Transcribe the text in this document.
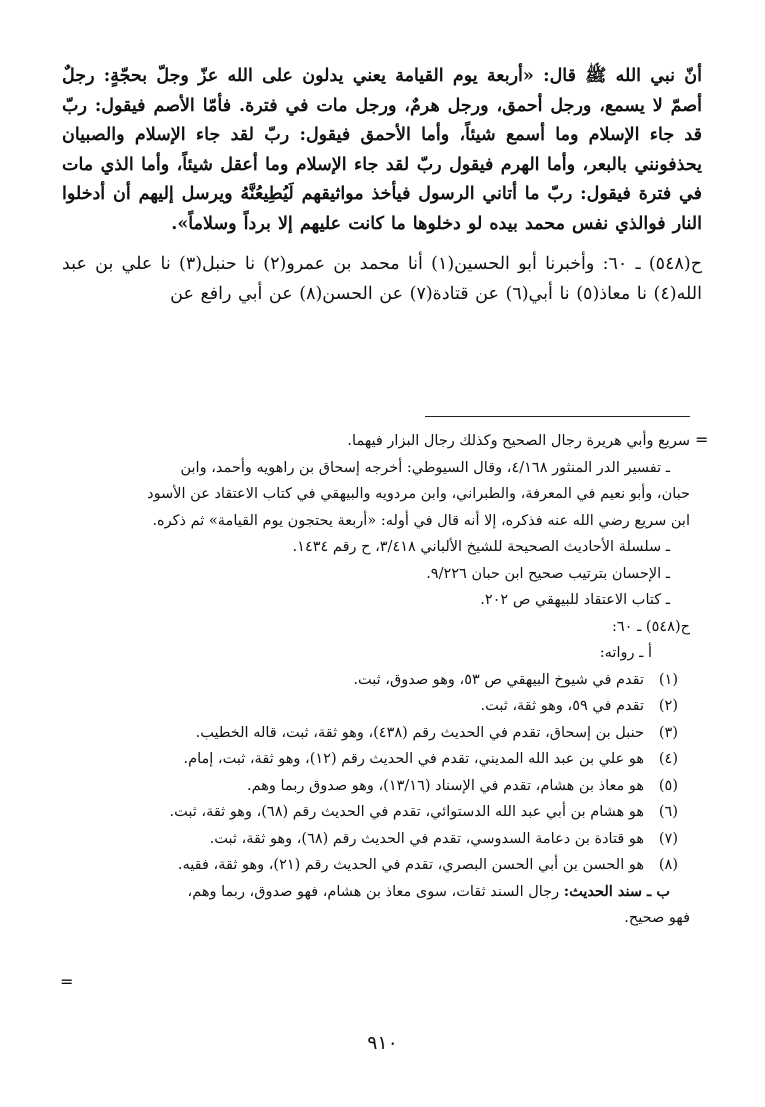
أنّ نبي الله ﷺ قال: «أربعة يوم القيامة يعني يدلون على الله عزّ وجلّ بحجّةٍ: رجلٌ أصمّ لا يسمع، ورجل أحمق، ورجل هرمٌ، ورجل مات في فترة. فأمّا الأصم فيقول: ربّ قد جاء الإسلام وما أسمع شيئاً، وأما الأحمق فيقول: ربّ لقد جاء الإسلام والصبيان يحذفونني بالبعر، وأما الهرم فيقول ربّ لقد جاء الإسلام وما أعقل شيئاً، وأما الذي مات في فترة فيقول: ربّ ما أتاني الرسول فيأخذ مواثيقهم لَيُطِيعُنَّهُ ويرسل إليهم أن أدخلوا النار فوالذي نفس محمد بيده لو دخلوها ما كانت عليهم إلا برداً وسلاماً».

ح(٥٤٨) ـ ٦٠: وأخبرنا أبو الحسين(١) أنا محمد بن عمرو(٢) نا حنبل(٣) نا علي بن عبد الله(٤) نا معاذ(٥) نا أبي(٦) عن قتادة(٧) عن الحسن(٨) عن أبي رافع عن

=
سريع وأبي هريرة رجال الصحيح وكذلك رجال البزار فيهما.
ـ تفسير الدر المنثور ٤/١٦٨، وقال السيوطي: أخرجه إسحاق بن راهويه وأحمد، وابن
حبان، وأبو نعيم في المعرفة، والطبراني، وابن مردويه والبيهقي في كتاب الاعتقاد عن الأسود
ابن سريع رضي الله عنه فذكره، إلا أنه قال في أوله: «أربعة يحتجون يوم القيامة» ثم ذكره.
ـ سلسلة الأحاديث الصحيحة للشيخ الألباني ٣/٤١٨، ح رقم ١٤٣٤.
ـ الإحسان بترتيب صحيح ابن حبان ٩/٢٢٦.
ـ كتاب الاعتقاد للبيهقي ص ٢٠٢.
ح(٥٤٨) ـ ٦٠:
أ ـ رواته:
(١)تقدم في شيوخ البيهقي ص ٥٣، وهو صدوق، ثبت.
(٢)تقدم في ٥٩، وهو ثقة، ثبت.
(٣)حنبل بن إسحاق، تقدم في الحديث رقم (٤٣٨)، وهو ثقة، ثبت، قاله الخطيب.
(٤)هو علي بن عبد الله المديني، تقدم في الحديث رقم (١٢)، وهو ثقة، ثبت، إمام.
(٥)هو معاذ بن هشام، تقدم في الإسناد (١٣/١٦)، وهو صدوق ربما وهم.
(٦)هو هشام بن أبي عبد الله الدستوائي، تقدم في الحديث رقم (٦٨)، وهو ثقة، ثبت.
(٧)هو قتادة بن دعامة السدوسي، تقدم في الحديث رقم (٦٨)، وهو ثقة، ثبت.
(٨)هو الحسن بن أبي الحسن البصري، تقدم في الحديث رقم (٢١)، وهو ثقة، فقيه.
ب ـ سند الحديث: رجال السند ثقات، سوى معاذ بن هشام، فهو صدوق، ربما وهم،
فهو صحيح.
=
٩١٠
